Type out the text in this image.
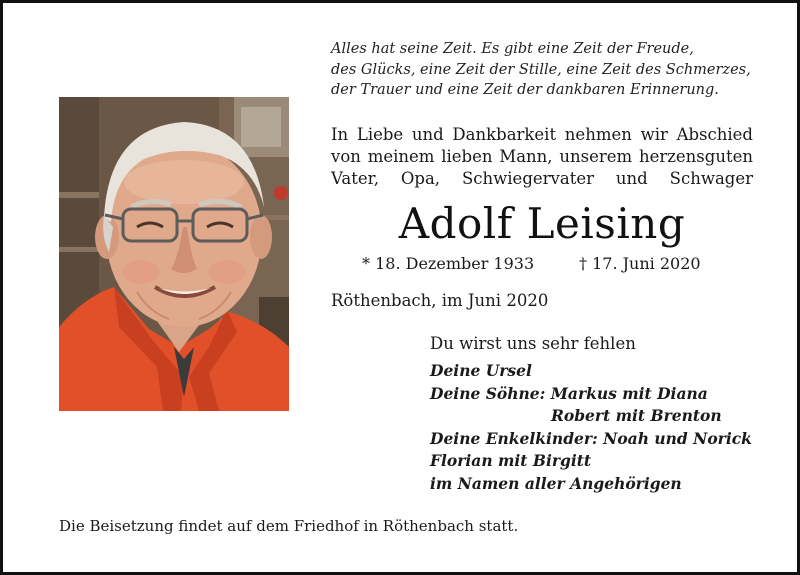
Alles hat seine Zeit. Es gibt eine Zeit der Freude,
des Glücks, eine Zeit der Stille, eine Zeit des Schmerzes,
der Trauer und eine Zeit der dankbaren Erinnerung.
In Liebe und Dankbarkeit nehmen wir Abschied
von meinem lieben Mann, unserem herzensguten
Vater, Opa, Schwiegervater und Schwager
Adolf Leising
* 18. Dezember 1933	† 17. Juni 2020
Röthenbach, im Juni 2020
Du wirst uns sehr fehlen
Deine Ursel
Deine Söhne: Markus mit Diana
Robert mit Brenton
Deine Enkelkinder: Noah und Norick
Florian mit Birgitt
im Namen aller Angehörigen
Die Beisetzung findet auf dem Friedhof in Röthenbach statt.
